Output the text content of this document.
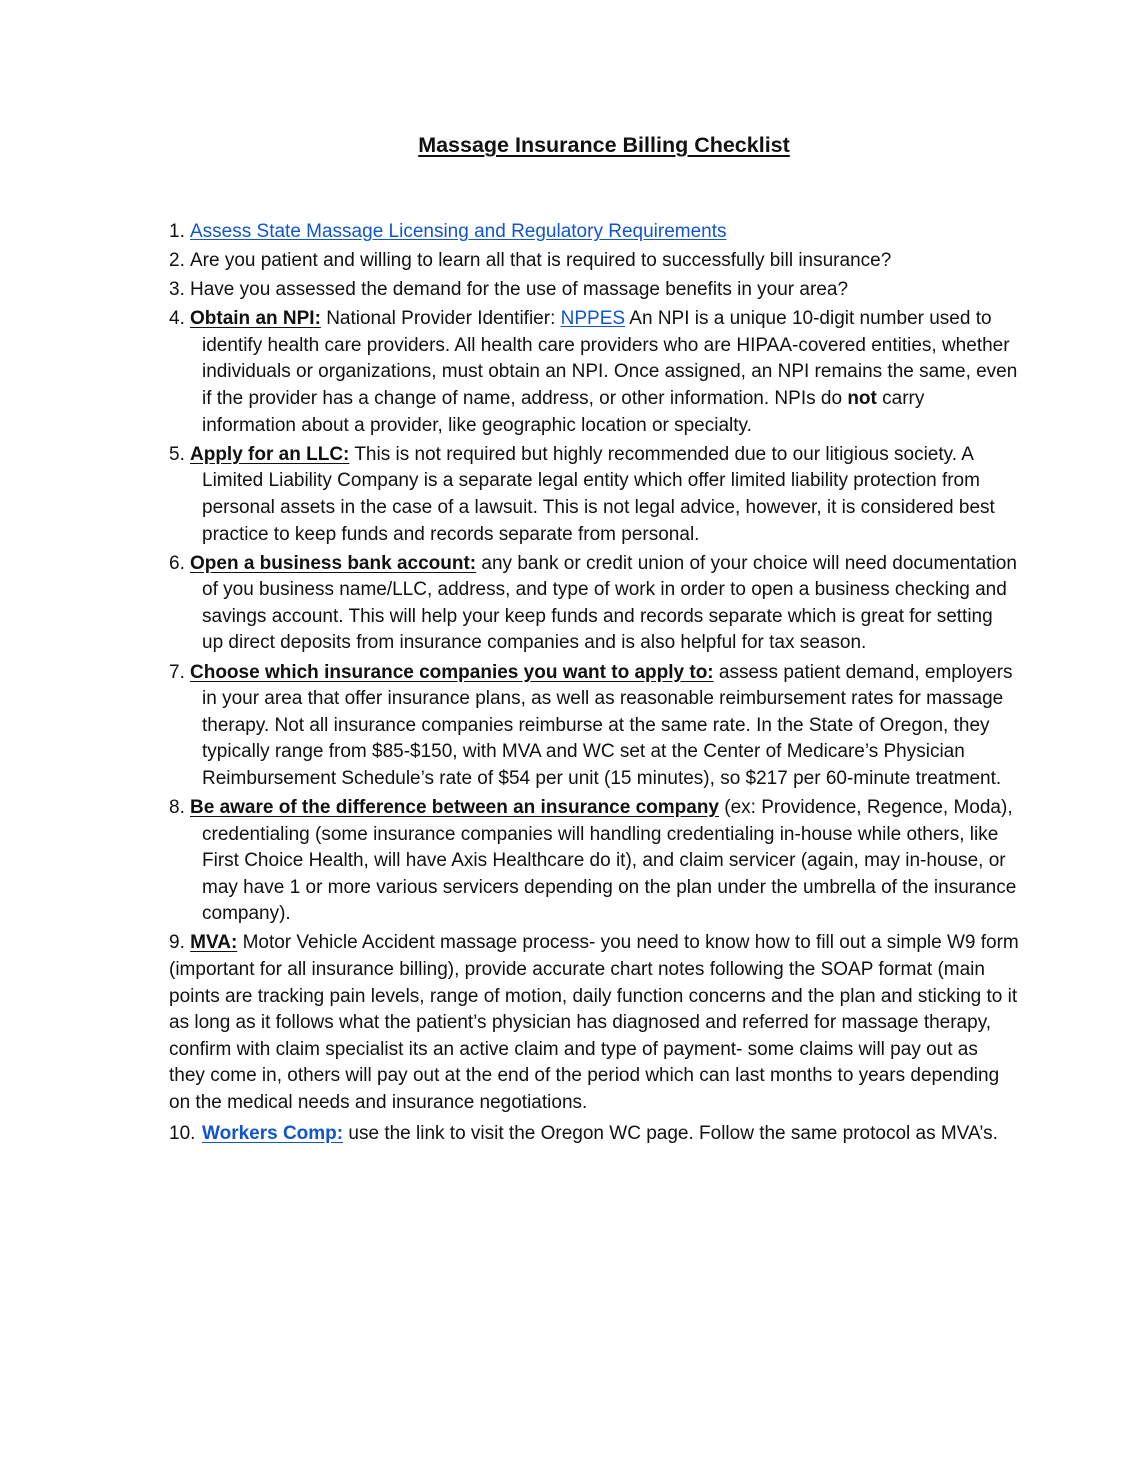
Massage Insurance Billing Checklist
1. Assess State Massage Licensing and Regulatory Requirements
2. Are you patient and willing to learn all that is required to successfully bill insurance?
3. Have you assessed the demand for the use of massage benefits in your area?
4. Obtain an NPI: National Provider Identifier: NPPES An NPI is a unique 10-digit number used to identify health care providers. All health care providers who are HIPAA-covered entities, whether individuals or organizations, must obtain an NPI. Once assigned, an NPI remains the same, even if the provider has a change of name, address, or other information. NPIs do not carry information about a provider, like geographic location or specialty.
5. Apply for an LLC: This is not required but highly recommended due to our litigious society. A Limited Liability Company is a separate legal entity which offer limited liability protection from personal assets in the case of a lawsuit. This is not legal advice, however, it is considered best practice to keep funds and records separate from personal.
6. Open a business bank account: any bank or credit union of your choice will need documentation of you business name/LLC, address, and type of work in order to open a business checking and savings account. This will help your keep funds and records separate which is great for setting up direct deposits from insurance companies and is also helpful for tax season.
7. Choose which insurance companies you want to apply to: assess patient demand, employers in your area that offer insurance plans, as well as reasonable reimbursement rates for massage therapy. Not all insurance companies reimburse at the same rate. In the State of Oregon, they typically range from $85-$150, with MVA and WC set at the Center of Medicare’s Physician Reimbursement Schedule’s rate of $54 per unit (15 minutes), so $217 per 60-minute treatment.
8. Be aware of the difference between an insurance company (ex: Providence, Regence, Moda), credentialing (some insurance companies will handling credentialing in-house while others, like First Choice Health, will have Axis Healthcare do it), and claim servicer (again, may in-house, or may have 1 or more various servicers depending on the plan under the umbrella of the insurance company).
9. MVA: Motor Vehicle Accident massage process- you need to know how to fill out a simple W9 form (important for all insurance billing), provide accurate chart notes following the SOAP format (main points are tracking pain levels, range of motion, daily function concerns and the plan and sticking to it as long as it follows what the patient’s physician has diagnosed and referred for massage therapy, confirm with claim specialist its an active claim and type of payment- some claims will pay out as they come in, others will pay out at the end of the period which can last months to years depending on the medical needs and insurance negotiations.
10. Workers Comp: use the link to visit the Oregon WC page. Follow the same protocol as MVA’s.
